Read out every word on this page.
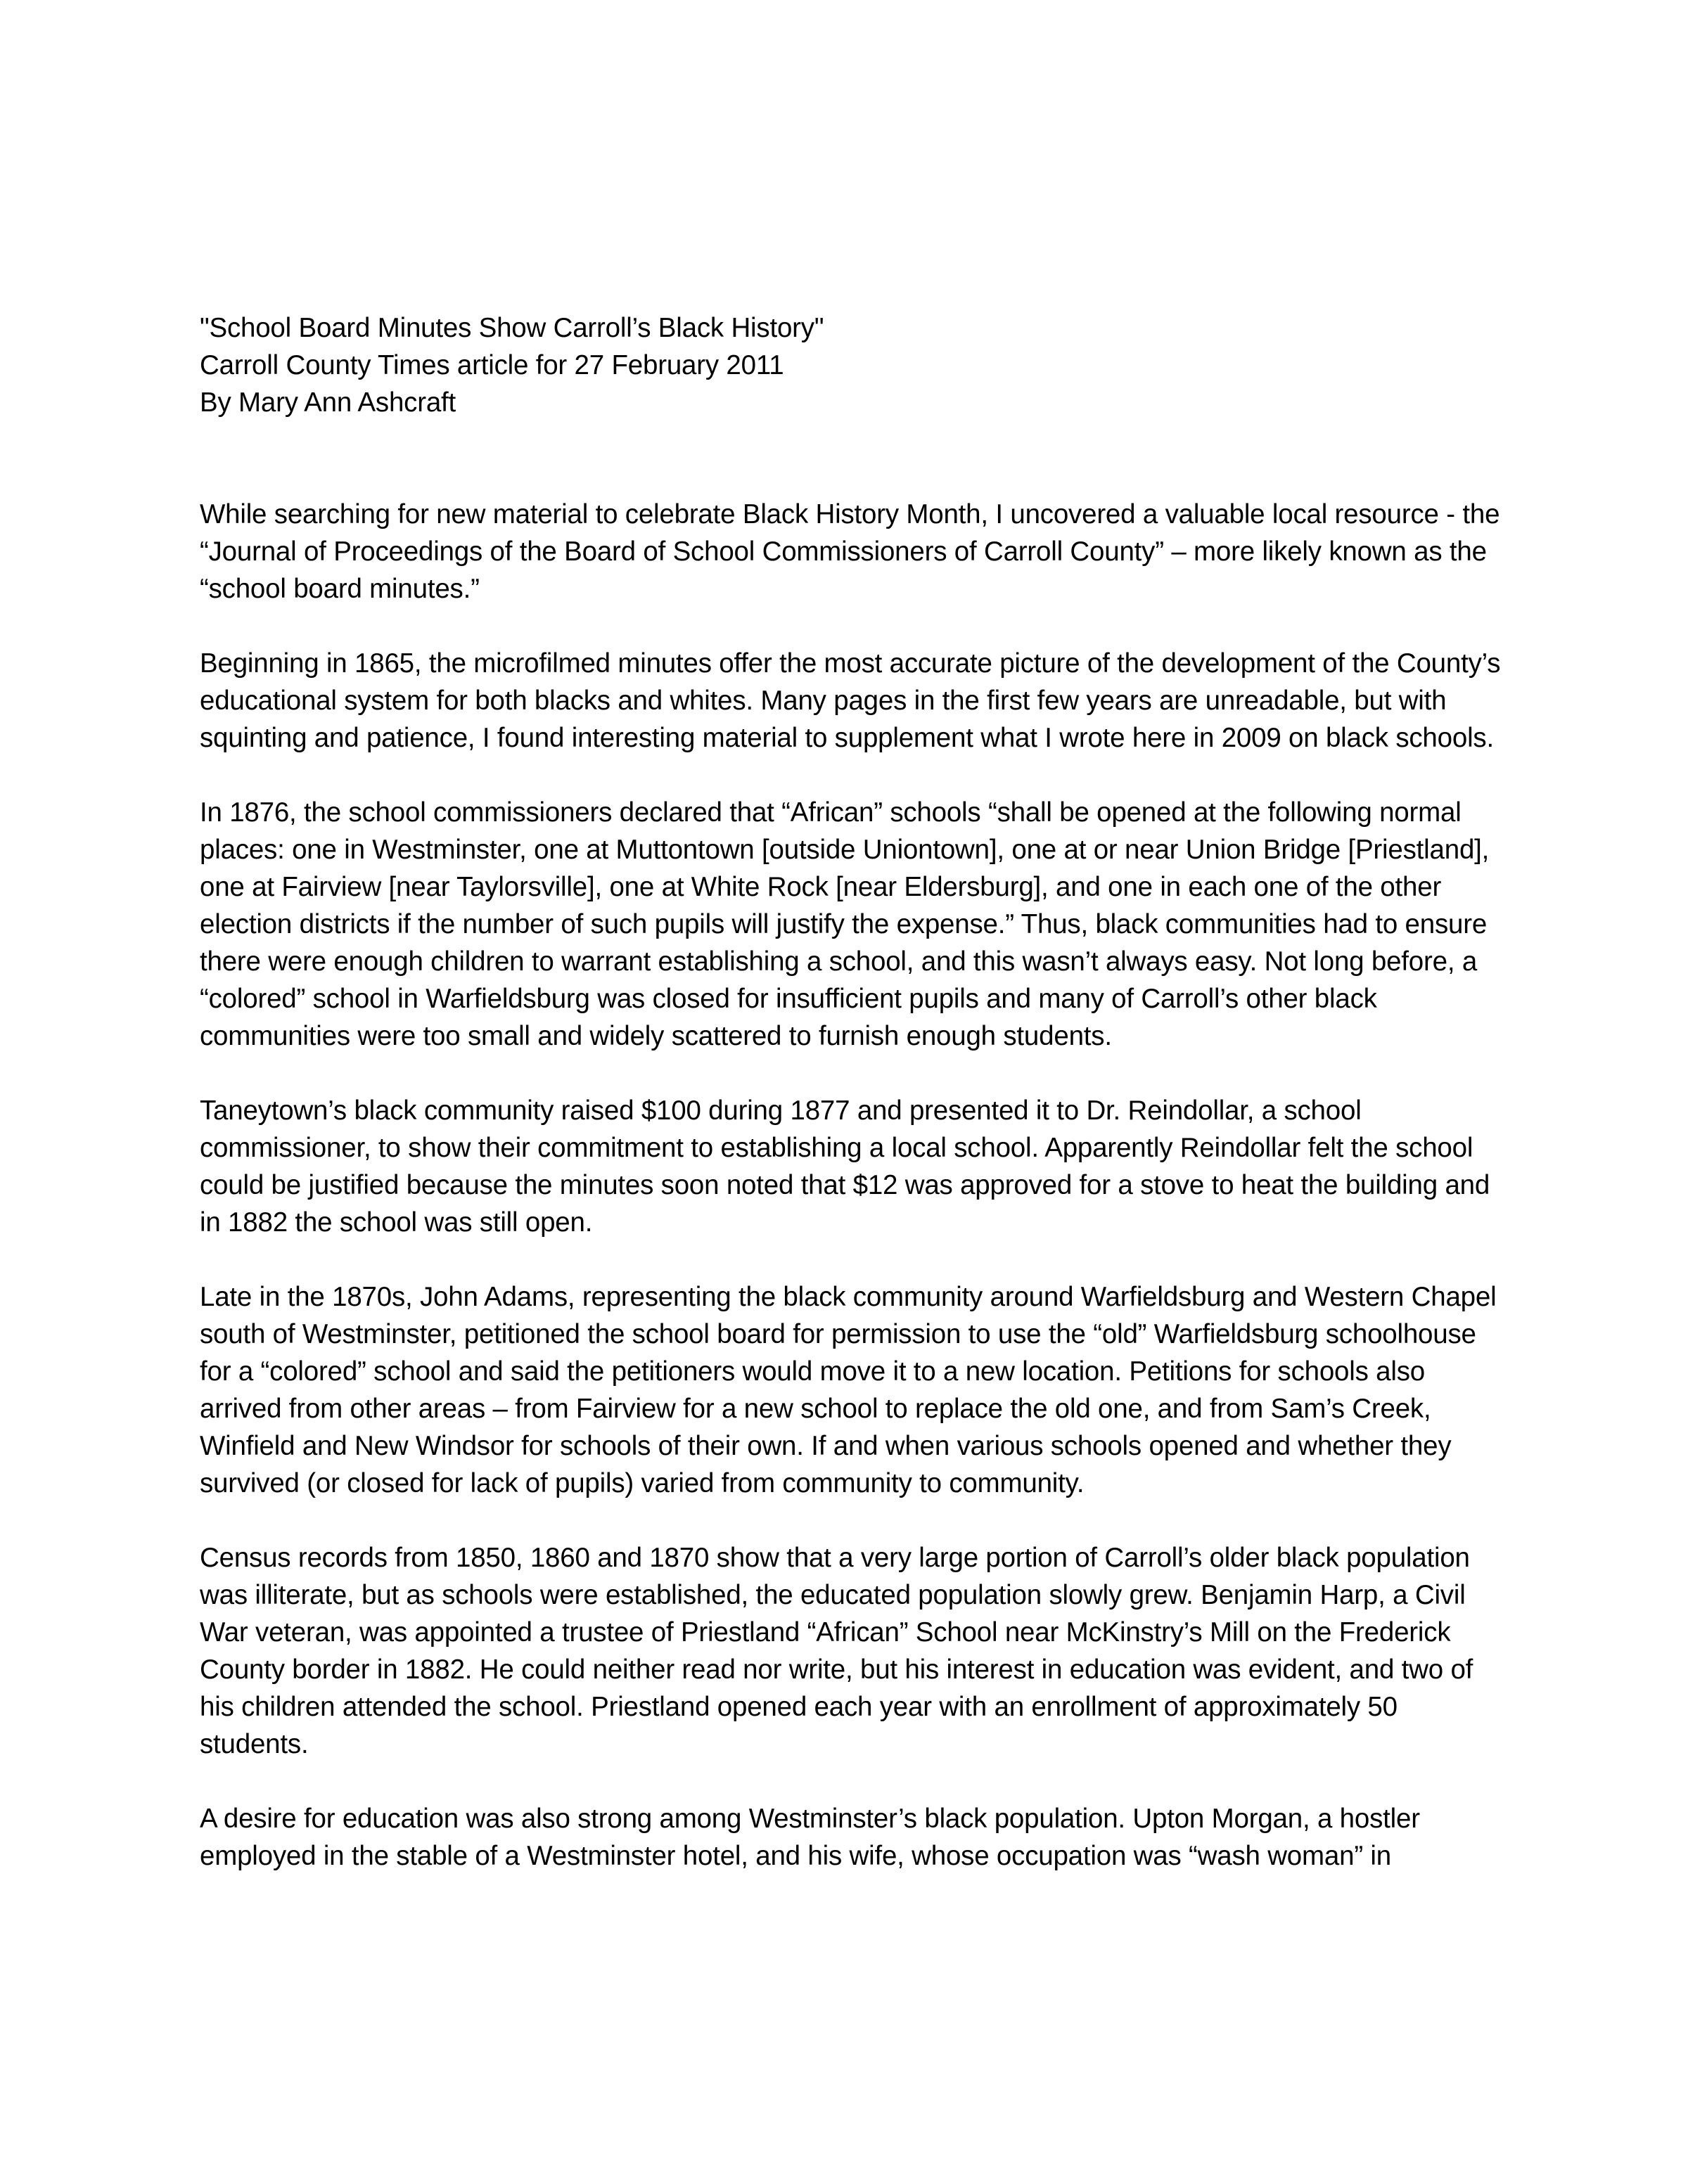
"School Board Minutes Show Carroll’s Black History"

Carroll County Times article for 27 February 2011

By Mary Ann Ashcraft

While searching for new material to celebrate Black History Month, I uncovered a valuable local resource - the “Journal of Proceedings of the Board of School Commissioners of Carroll County” – more likely known as the “school board minutes.”

Beginning in 1865, the microfilmed minutes offer the most accurate picture of the development of the County’s educational system for both blacks and whites. Many pages in the first few years are unreadable, but with squinting and patience, I found interesting material to supplement what I wrote here in 2009 on black schools.

In 1876, the school commissioners declared that “African” schools “shall be opened at the following normal places: one in Westminster, one at Muttontown [outside Uniontown], one at or near Union Bridge [Priestland], one at Fairview [near Taylorsville], one at White Rock [near Eldersburg], and one in each one of the other election districts if the number of such pupils will justify the expense.” Thus, black communities had to ensure there were enough children to warrant establishing a school, and this wasn’t always easy. Not long before, a “colored” school in Warfieldsburg was closed for insufficient pupils and many of Carroll’s other black communities were too small and widely scattered to furnish enough students.

Taneytown’s black community raised $100 during 1877 and presented it to Dr. Reindollar, a school commissioner, to show their commitment to establishing a local school. Apparently Reindollar felt the school could be justified because the minutes soon noted that $12 was approved for a stove to heat the building and in 1882 the school was still open.

Late in the 1870s, John Adams, representing the black community around Warfieldsburg and Western Chapel south of Westminster, petitioned the school board for permission to use the “old” Warfieldsburg schoolhouse for a “colored” school and said the petitioners would move it to a new location. Petitions for schools also arrived from other areas – from Fairview for a new school to replace the old one, and from Sam’s Creek, Winfield and New Windsor for schools of their own. If and when various schools opened and whether they survived (or closed for lack of pupils) varied from community to community.

Census records from 1850, 1860 and 1870 show that a very large portion of Carroll’s older black population was illiterate, but as schools were established, the educated population slowly grew. Benjamin Harp, a Civil War veteran, was appointed a trustee of Priestland “African” School near McKinstry’s Mill on the Frederick County border in 1882. He could neither read nor write, but his interest in education was evident, and two of his children attended the school. Priestland opened each year with an enrollment of approximately 50 students.

A desire for education was also strong among Westminster’s black population. Upton Morgan, a hostler employed in the stable of a Westminster hotel, and his wife, whose occupation was “wash woman” in
